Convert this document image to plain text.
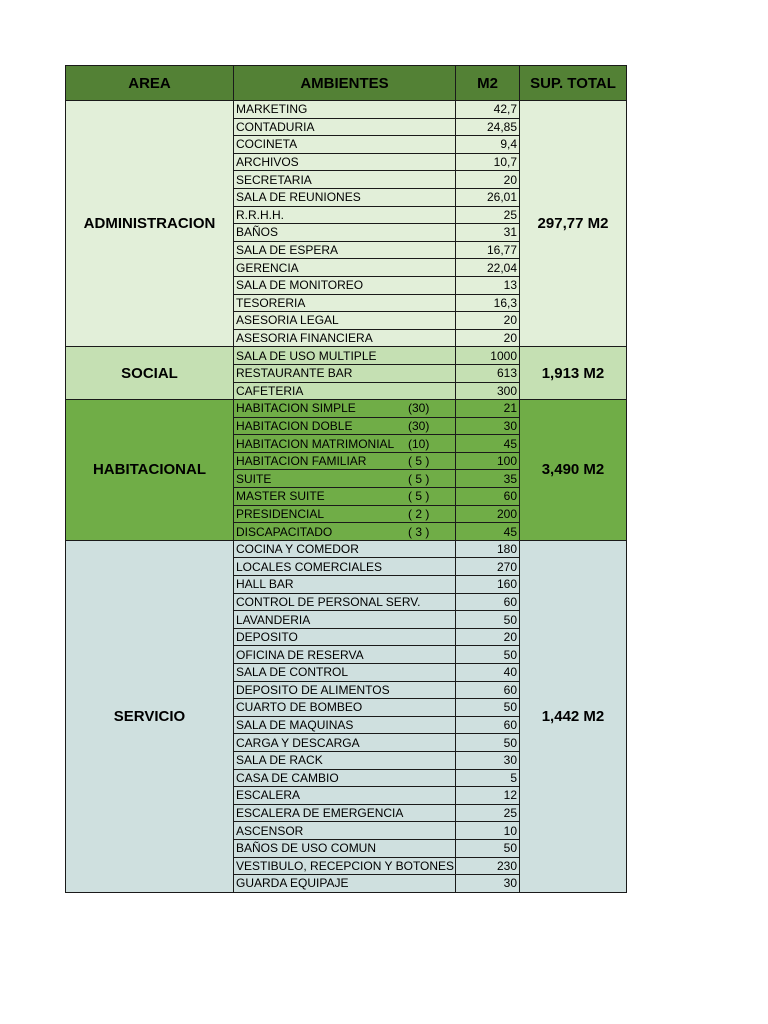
AREA	AMBIENTES	M2	SUP. TOTAL
ADMINISTRACION	MARKETING	42,7	297,77 M2
	CONTADURIA	24,85	
	COCINETA	9,4	
	ARCHIVOS	10,7	
	SECRETARIA	20	
	SALA DE REUNIONES	26,01	
	R.R.H.H.	25	
	BAÑOS	31	
	SALA DE ESPERA	16,77	
	GERENCIA	22,04	
	SALA DE MONITOREO	13	
	TESORERIA	16,3	
	ASESORIA LEGAL	20	
	ASESORIA FINANCIERA	20	
SOCIAL	SALA DE USO MULTIPLE	1000	1,913 M2
	RESTAURANTE BAR	613	
	CAFETERIA	300	
HABITACIONAL	HABITACION SIMPLE (30)	21	3,490 M2
	HABITACION DOBLE (30)	30	
	HABITACION MATRIMONIAL (10)	45	
	HABITACION FAMILIAR ( 5 )	100	
	SUITE ( 5 )	35	
	MASTER SUITE ( 5 )	60	
	PRESIDENCIAL ( 2 )	200	
	DISCAPACITADO ( 3 )	45	
SERVICIO	COCINA Y COMEDOR	180	1,442 M2
	LOCALES COMERCIALES	270	
	HALL BAR	160	
	CONTROL DE PERSONAL SERV.	60	
	LAVANDERIA	50	
	DEPOSITO	20	
	OFICINA DE RESERVA	50	
	SALA DE CONTROL	40	
	DEPOSITO DE ALIMENTOS	60	
	CUARTO DE BOMBEO	50	
	SALA DE MAQUINAS	60	
	CARGA Y DESCARGA	50	
	SALA DE RACK	30	
	CASA DE CAMBIO	5	
	ESCALERA	12	
	ESCALERA DE EMERGENCIA	25	
	ASCENSOR	10	
	BAÑOS DE USO COMUN	50	
	VESTIBULO, RECEPCION Y BOTONES	230	
	GUARDA EQUIPAJE	30	
